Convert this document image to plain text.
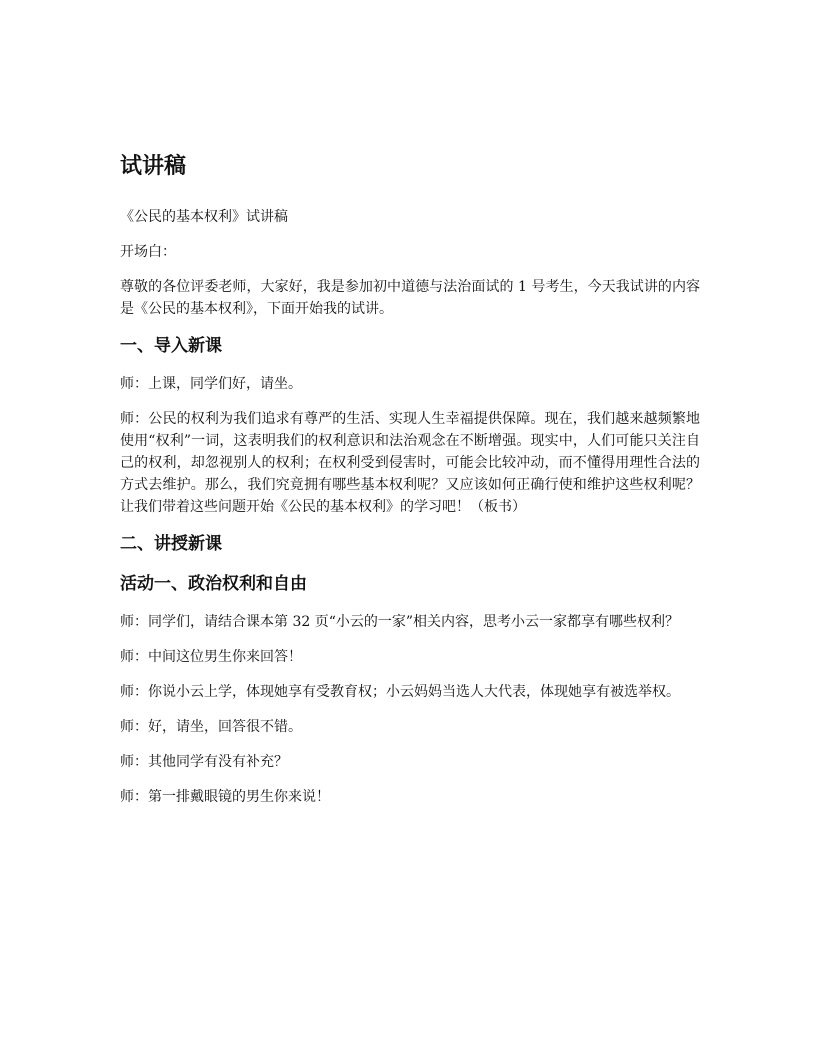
试讲稿

《公民的基本权利》试讲稿

开场白：

尊敬的各位评委老师，大家好，我是参加初中道德与法治面试的 1 号考生，今天我试讲的内容是《公民的基本权利》，下面开始我的试讲。

一、导入新课

师：上课，同学们好，请坐。

师：公民的权利为我们追求有尊严的生活、实现人生幸福提供保障。现在，我们越来越频繁地使用“权利”一词，这表明我们的权利意识和法治观念在不断增强。现实中，人们可能只关注自己的权利，却忽视别人的权利；在权利受到侵害时，可能会比较冲动，而不懂得用理性合法的方式去维护。那么，我们究竟拥有哪些基本权利呢？又应该如何正确行使和维护这些权利呢？让我们带着这些问题开始《公民的基本权利》的学习吧！（板书）

二、讲授新课
活动一、政治权利和自由

师：同学们，请结合课本第 32 页“小云的一家”相关内容，思考小云一家都享有哪些权利？

师：中间这位男生你来回答！

师：你说小云上学，体现她享有受教育权；小云妈妈当选人大代表，体现她享有被选举权。

师：好，请坐，回答很不错。

师：其他同学有没有补充？

师：第一排戴眼镜的男生你来说！
